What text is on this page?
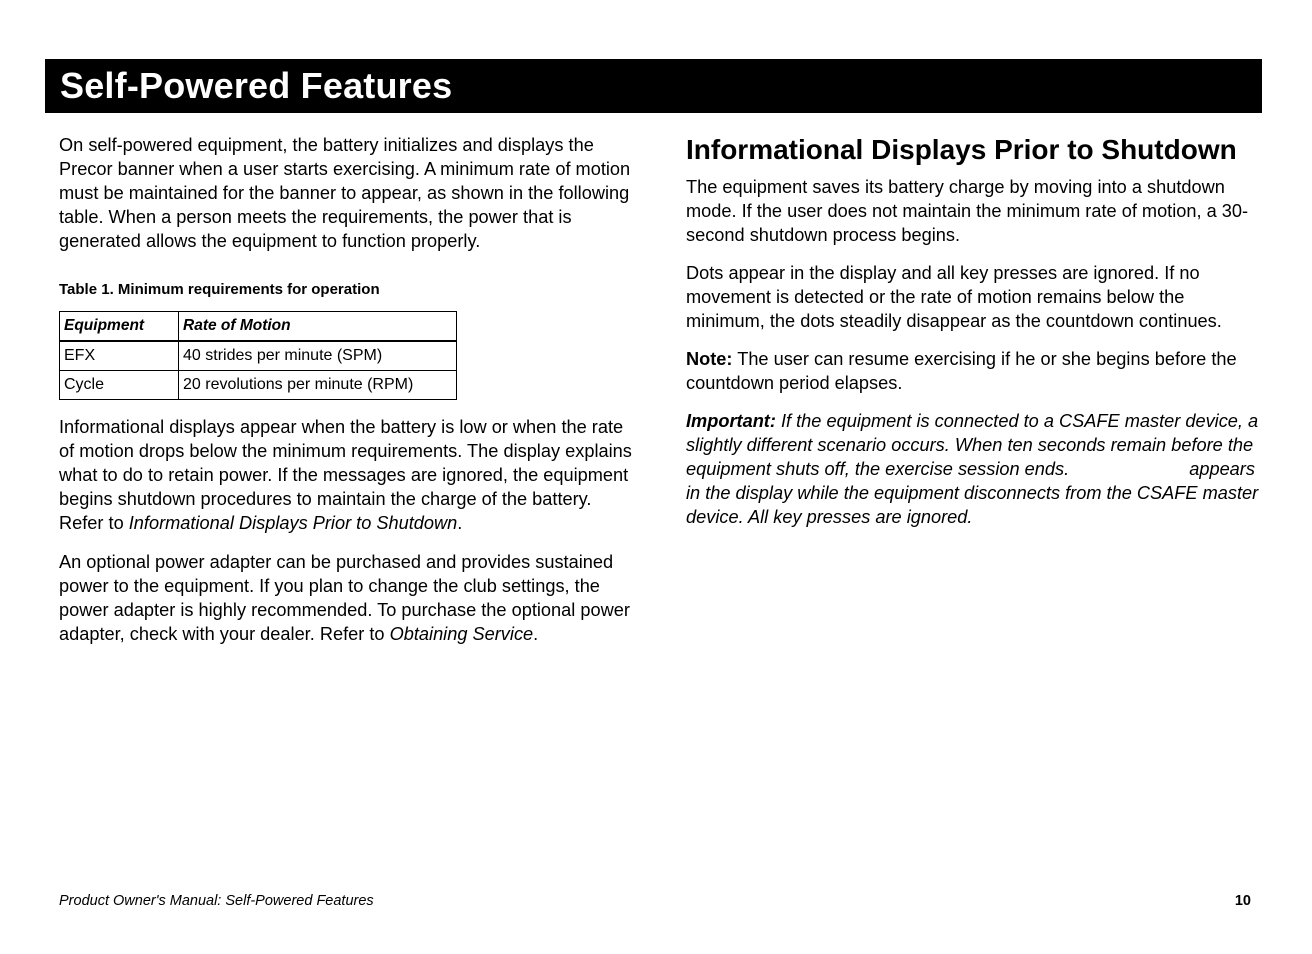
Self-Powered Features

On self-powered equipment, the battery initializes and displays the Precor banner when a user starts exercising. A minimum rate of motion must be maintained for the banner to appear, as shown in the following table. When a person meets the requirements, the power that is generated allows the equipment to function properly.

Table 1. Minimum requirements for operation

Equipment	Rate of Motion
EFX	40 strides per minute (SPM)
Cycle	20 revolutions per minute (RPM)

Informational displays appear when the battery is low or when the rate of motion drops below the minimum requirements. The display explains what to do to retain power. If the messages are ignored, the equipment begins shutdown procedures to maintain the charge of the battery. Refer to Informational Displays Prior to Shutdown.

An optional power adapter can be purchased and provides sustained power to the equipment. If you plan to change the club settings, the power adapter is highly recommended. To purchase the optional power adapter, check with your dealer. Refer to Obtaining Service.

Informational Displays Prior to Shutdown

The equipment saves its battery charge by moving into a shutdown mode. If the user does not maintain the minimum rate of motion, a 30-second shutdown process begins.

Dots appear in the display and all key presses are ignored. If no movement is detected or the rate of motion remains below the minimum, the dots steadily disappear as the countdown continues.

Note: The user can resume exercising if he or she begins before the countdown period elapses.

Important: If the equipment is connected to a CSAFE master device, a slightly different scenario occurs. When ten seconds remain before the equipment shuts off, the exercise session ends.	appears in the display while the equipment disconnects from the CSAFE master device. All key presses are ignored.

Product Owner's Manual: Self-Powered Features	10
